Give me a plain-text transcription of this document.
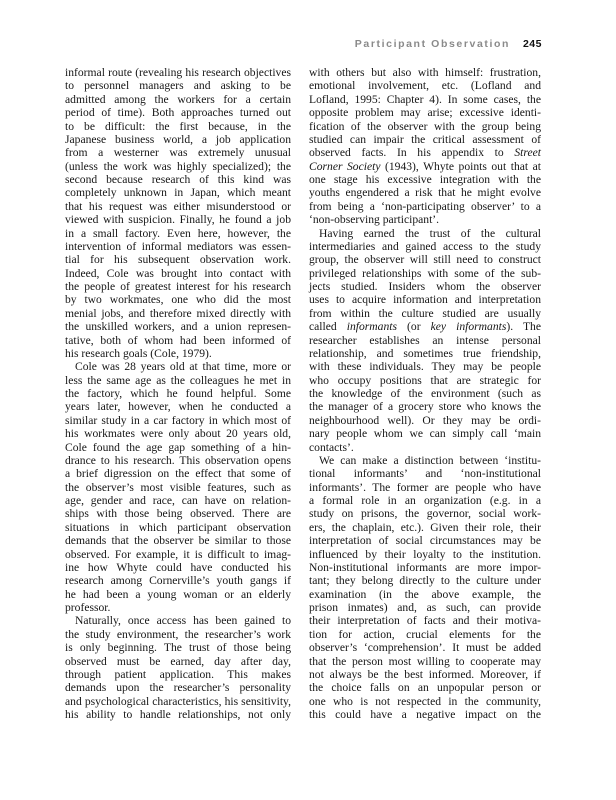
Participant Observation 245
informal route (revealing his research objectives
to personnel managers and asking to be
admitted among the workers for a certain
period of time). Both approaches turned out
to be difficult: the first because, in the
Japanese business world, a job application
from a westerner was extremely unusual
(unless the work was highly specialized); the
second because research of this kind was
completely unknown in Japan, which meant
that his request was either misunderstood or
viewed with suspicion. Finally, he found a job
in a small factory. Even here, however, the
intervention of informal mediators was essen-
tial for his subsequent observation work.
Indeed, Cole was brought into contact with
the people of greatest interest for his research
by two workmates, one who did the most
menial jobs, and therefore mixed directly with
the unskilled workers, and a union represen-
tative, both of whom had been informed of
his research goals (Cole, 1979).
Cole was 28 years old at that time, more or
less the same age as the colleagues he met in
the factory, which he found helpful. Some
years later, however, when he conducted a
similar study in a car factory in which most of
his workmates were only about 20 years old,
Cole found the age gap something of a hin-
drance to his research. This observation opens
a brief digression on the effect that some of
the observer’s most visible features, such as
age, gender and race, can have on relation-
ships with those being observed. There are
situations in which participant observation
demands that the observer be similar to those
observed. For example, it is difficult to imag-
ine how Whyte could have conducted his
research among Cornerville’s youth gangs if
he had been a young woman or an elderly
professor.
Naturally, once access has been gained to
the study environment, the researcher’s work
is only beginning. The trust of those being
observed must be earned, day after day,
through patient application. This makes
demands upon the researcher’s personality
and psychological characteristics, his sensitivity,
his ability to handle relationships, not only
with others but also with himself: frustration,
emotional involvement, etc. (Lofland and
Lofland, 1995: Chapter 4). In some cases, the
opposite problem may arise; excessive identi-
fication of the observer with the group being
studied can impair the critical assessment of
observed facts. In his appendix to Street
Corner Society (1943), Whyte points out that at
one stage his excessive integration with the
youths engendered a risk that he might evolve
from being a ‘non-participating observer’ to a
‘non-observing participant’.
Having earned the trust of the cultural
intermediaries and gained access to the study
group, the observer will still need to construct
privileged relationships with some of the sub-
jects studied. Insiders whom the observer
uses to acquire information and interpretation
from within the culture studied are usually
called informants (or key informants). The
researcher establishes an intense personal
relationship, and sometimes true friendship,
with these individuals. They may be people
who occupy positions that are strategic for
the knowledge of the environment (such as
the manager of a grocery store who knows the
neighbourhood well). Or they may be ordi-
nary people whom we can simply call ‘main
contacts’.
We can make a distinction between ‘institu-
tional informants’ and ‘non-institutional
informants’. The former are people who have
a formal role in an organization (e.g. in a
study on prisons, the governor, social work-
ers, the chaplain, etc.). Given their role, their
interpretation of social circumstances may be
influenced by their loyalty to the institution.
Non-institutional informants are more impor-
tant; they belong directly to the culture under
examination (in the above example, the
prison inmates) and, as such, can provide
their interpretation of facts and their motiva-
tion for action, crucial elements for the
observer’s ‘comprehension’. It must be added
that the person most willing to cooperate may
not always be the best informed. Moreover, if
the choice falls on an unpopular person or
one who is not respected in the community,
this could have a negative impact on the
